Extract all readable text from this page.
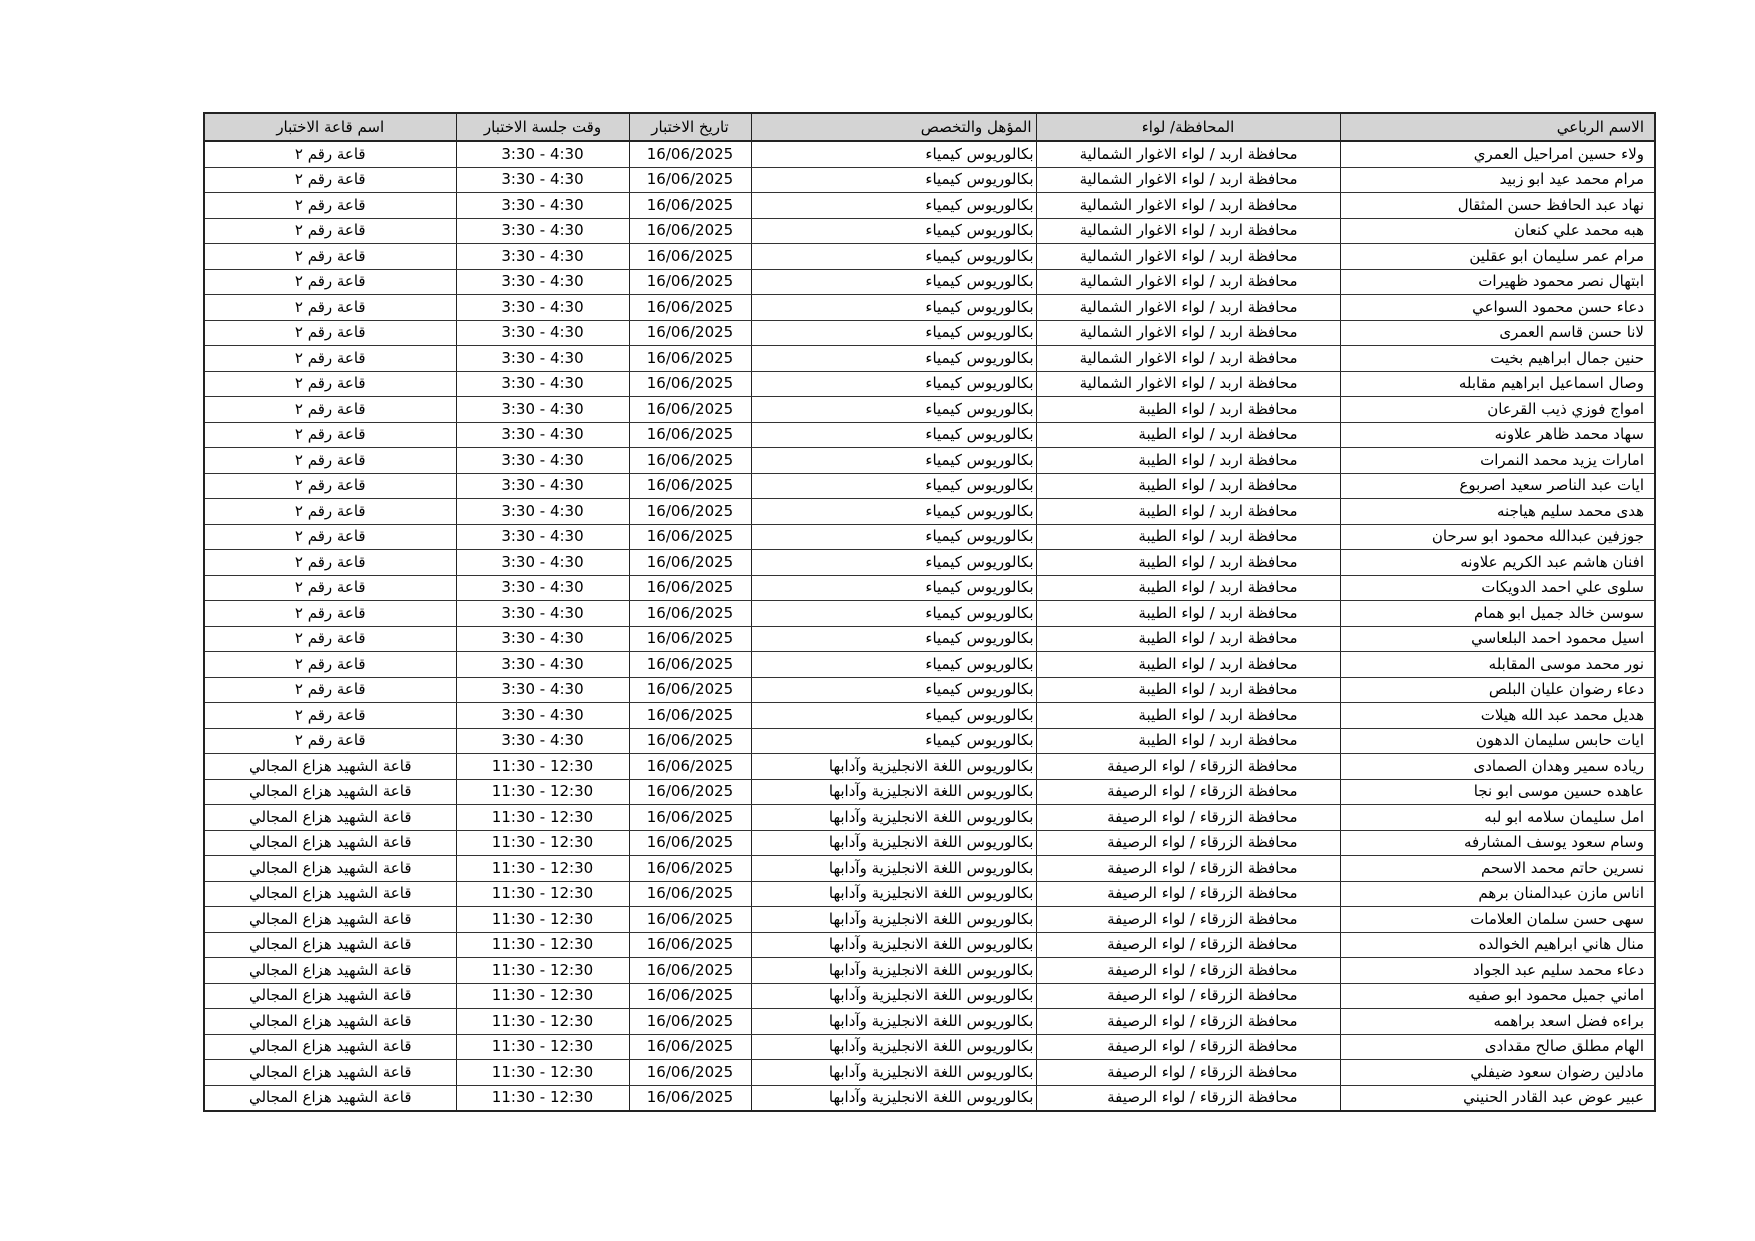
الاسم الرباعي	المحافظة/ لواء	المؤهل والتخصص	تاريخ الاختبار	وقت جلسة الاختبار	اسم قاعة الاختبار
ولاء حسين امراحيل العمري	محافظة اربد / لواء الاغوار الشمالية	بكالوريوس كيمياء	16/06/2025	3:30 - 4:30	قاعة رقم ٢
مرام محمد عيد ابو زبيد	محافظة اربد / لواء الاغوار الشمالية	بكالوريوس كيمياء	16/06/2025	3:30 - 4:30	قاعة رقم ٢
نهاد عبد الحافظ حسن المثقال	محافظة اربد / لواء الاغوار الشمالية	بكالوريوس كيمياء	16/06/2025	3:30 - 4:30	قاعة رقم ٢
هبه محمد علي كنعان	محافظة اربد / لواء الاغوار الشمالية	بكالوريوس كيمياء	16/06/2025	3:30 - 4:30	قاعة رقم ٢
مرام عمر سليمان ابو عقلين	محافظة اربد / لواء الاغوار الشمالية	بكالوريوس كيمياء	16/06/2025	3:30 - 4:30	قاعة رقم ٢
ابتهال نصر محمود ظهيرات	محافظة اربد / لواء الاغوار الشمالية	بكالوريوس كيمياء	16/06/2025	3:30 - 4:30	قاعة رقم ٢
دعاء حسن محمود السواعي	محافظة اربد / لواء الاغوار الشمالية	بكالوريوس كيمياء	16/06/2025	3:30 - 4:30	قاعة رقم ٢
لانا حسن قاسم العمرى	محافظة اربد / لواء الاغوار الشمالية	بكالوريوس كيمياء	16/06/2025	3:30 - 4:30	قاعة رقم ٢
حنين جمال ابراهيم بخيت	محافظة اربد / لواء الاغوار الشمالية	بكالوريوس كيمياء	16/06/2025	3:30 - 4:30	قاعة رقم ٢
وصال اسماعيل ابراهيم مقابله	محافظة اربد / لواء الاغوار الشمالية	بكالوريوس كيمياء	16/06/2025	3:30 - 4:30	قاعة رقم ٢
امواج فوزي ذيب القرعان	محافظة اربد / لواء الطيبة	بكالوريوس كيمياء	16/06/2025	3:30 - 4:30	قاعة رقم ٢
سهاد محمد ظاهر علاونه	محافظة اربد / لواء الطيبة	بكالوريوس كيمياء	16/06/2025	3:30 - 4:30	قاعة رقم ٢
امارات يزيد محمد النمرات	محافظة اربد / لواء الطيبة	بكالوريوس كيمياء	16/06/2025	3:30 - 4:30	قاعة رقم ٢
ايات عبد الناصر سعيد اصربوع	محافظة اربد / لواء الطيبة	بكالوريوس كيمياء	16/06/2025	3:30 - 4:30	قاعة رقم ٢
هدى محمد سليم هياجنه	محافظة اربد / لواء الطيبة	بكالوريوس كيمياء	16/06/2025	3:30 - 4:30	قاعة رقم ٢
جوزفين عبدالله محمود ابو سرحان	محافظة اربد / لواء الطيبة	بكالوريوس كيمياء	16/06/2025	3:30 - 4:30	قاعة رقم ٢
افنان هاشم عبد الكريم علاونه	محافظة اربد / لواء الطيبة	بكالوريوس كيمياء	16/06/2025	3:30 - 4:30	قاعة رقم ٢
سلوى علي احمد الدويكات	محافظة اربد / لواء الطيبة	بكالوريوس كيمياء	16/06/2025	3:30 - 4:30	قاعة رقم ٢
سوسن خالد جميل ابو همام	محافظة اربد / لواء الطيبة	بكالوريوس كيمياء	16/06/2025	3:30 - 4:30	قاعة رقم ٢
اسيل محمود احمد البلعاسي	محافظة اربد / لواء الطيبة	بكالوريوس كيمياء	16/06/2025	3:30 - 4:30	قاعة رقم ٢
نور محمد موسى المقابله	محافظة اربد / لواء الطيبة	بكالوريوس كيمياء	16/06/2025	3:30 - 4:30	قاعة رقم ٢
دعاء رضوان عليان البلص	محافظة اربد / لواء الطيبة	بكالوريوس كيمياء	16/06/2025	3:30 - 4:30	قاعة رقم ٢
هديل محمد عبد الله هيلات	محافظة اربد / لواء الطيبة	بكالوريوس كيمياء	16/06/2025	3:30 - 4:30	قاعة رقم ٢
ايات حابس سليمان الدهون	محافظة اربد / لواء الطيبة	بكالوريوس كيمياء	16/06/2025	3:30 - 4:30	قاعة رقم ٢
رياده سمير وهدان الصمادى	محافظة الزرقاء / لواء الرصيفة	بكالوريوس اللغة الانجليزية وآدابها	16/06/2025	11:30 - 12:30	قاعة الشهيد هزاع المجالي
عاهده حسين موسى ابو نجا	محافظة الزرقاء / لواء الرصيفة	بكالوريوس اللغة الانجليزية وآدابها	16/06/2025	11:30 - 12:30	قاعة الشهيد هزاع المجالي
امل سليمان سلامه ابو لبه	محافظة الزرقاء / لواء الرصيفة	بكالوريوس اللغة الانجليزية وآدابها	16/06/2025	11:30 - 12:30	قاعة الشهيد هزاع المجالي
وسام سعود يوسف المشارفه	محافظة الزرقاء / لواء الرصيفة	بكالوريوس اللغة الانجليزية وآدابها	16/06/2025	11:30 - 12:30	قاعة الشهيد هزاع المجالي
نسرين حاتم محمد الاسحم	محافظة الزرقاء / لواء الرصيفة	بكالوريوس اللغة الانجليزية وآدابها	16/06/2025	11:30 - 12:30	قاعة الشهيد هزاع المجالي
اناس مازن عبدالمنان برهم	محافظة الزرقاء / لواء الرصيفة	بكالوريوس اللغة الانجليزية وآدابها	16/06/2025	11:30 - 12:30	قاعة الشهيد هزاع المجالي
سهى حسن سلمان العلامات	محافظة الزرقاء / لواء الرصيفة	بكالوريوس اللغة الانجليزية وآدابها	16/06/2025	11:30 - 12:30	قاعة الشهيد هزاع المجالي
منال هاني ابراهيم الخوالده	محافظة الزرقاء / لواء الرصيفة	بكالوريوس اللغة الانجليزية وآدابها	16/06/2025	11:30 - 12:30	قاعة الشهيد هزاع المجالي
دعاء محمد سليم عبد الجواد	محافظة الزرقاء / لواء الرصيفة	بكالوريوس اللغة الانجليزية وآدابها	16/06/2025	11:30 - 12:30	قاعة الشهيد هزاع المجالي
اماني جميل محمود ابو صفيه	محافظة الزرقاء / لواء الرصيفة	بكالوريوس اللغة الانجليزية وآدابها	16/06/2025	11:30 - 12:30	قاعة الشهيد هزاع المجالي
براءه فضل اسعد براهمه	محافظة الزرقاء / لواء الرصيفة	بكالوريوس اللغة الانجليزية وآدابها	16/06/2025	11:30 - 12:30	قاعة الشهيد هزاع المجالي
الهام مطلق صالح مقدادى	محافظة الزرقاء / لواء الرصيفة	بكالوريوس اللغة الانجليزية وآدابها	16/06/2025	11:30 - 12:30	قاعة الشهيد هزاع المجالي
مادلين رضوان سعود ضيفلي	محافظة الزرقاء / لواء الرصيفة	بكالوريوس اللغة الانجليزية وآدابها	16/06/2025	11:30 - 12:30	قاعة الشهيد هزاع المجالي
عبير عوض عبد القادر الحنيني	محافظة الزرقاء / لواء الرصيفة	بكالوريوس اللغة الانجليزية وآدابها	16/06/2025	11:30 - 12:30	قاعة الشهيد هزاع المجالي
